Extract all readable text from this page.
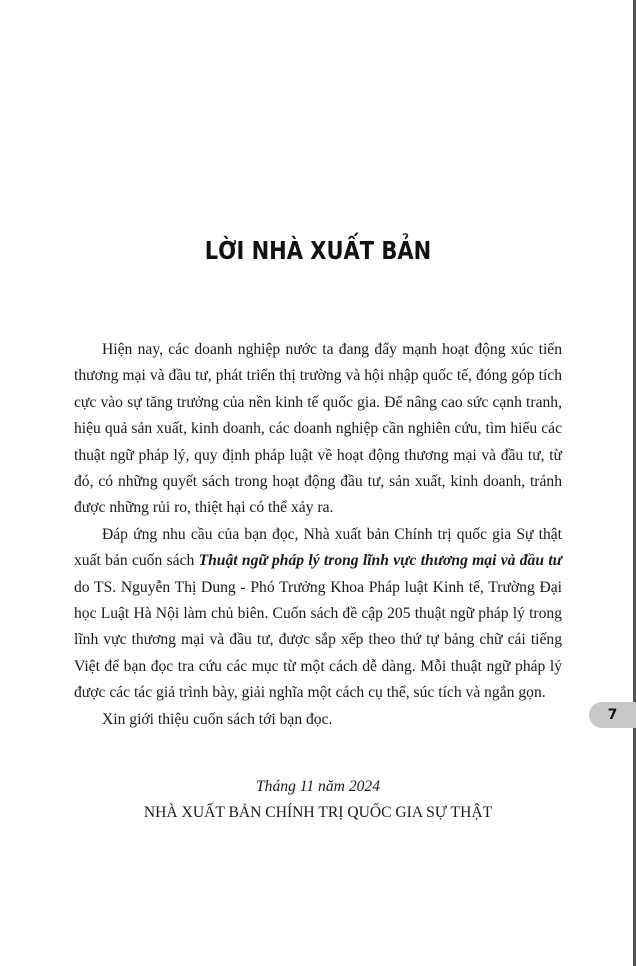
LỜI NHÀ XUẤT BẢN

Hiện nay, các doanh nghiệp nước ta đang đẩy mạnh hoạt động xúc tiến thương mại và đầu tư, phát triển thị trường và hội nhập quốc tế, đóng góp tích cực vào sự tăng trưởng của nền kinh tế quốc gia. Để nâng cao sức cạnh tranh, hiệu quả sản xuất, kinh doanh, các doanh nghiệp cần nghiên cứu, tìm hiểu các thuật ngữ pháp lý, quy định pháp luật về hoạt động thương mại và đầu tư, từ đó, có những quyết sách trong hoạt động đầu tư, sản xuất, kinh doanh, tránh được những rủi ro, thiệt hại có thể xảy ra.

Đáp ứng nhu cầu của bạn đọc, Nhà xuất bản Chính trị quốc gia Sự thật xuất bản cuốn sách Thuật ngữ pháp lý trong lĩnh vực thương mại và đầu tư do TS. Nguyễn Thị Dung - Phó Trưởng Khoa Pháp luật Kinh tế, Trường Đại học Luật Hà Nội làm chủ biên. Cuốn sách đề cập 205 thuật ngữ pháp lý trong lĩnh vực thương mại và đầu tư, được sắp xếp theo thứ tự bảng chữ cái tiếng Việt để bạn đọc tra cứu các mục từ một cách dễ dàng. Mỗi thuật ngữ pháp lý được các tác giả trình bày, giải nghĩa một cách cụ thể, súc tích và ngắn gọn.

Xin giới thiệu cuốn sách tới bạn đọc.

Tháng 11 năm 2024
NHÀ XUẤT BẢN CHÍNH TRỊ QUỐC GIA SỰ THẬT
7
